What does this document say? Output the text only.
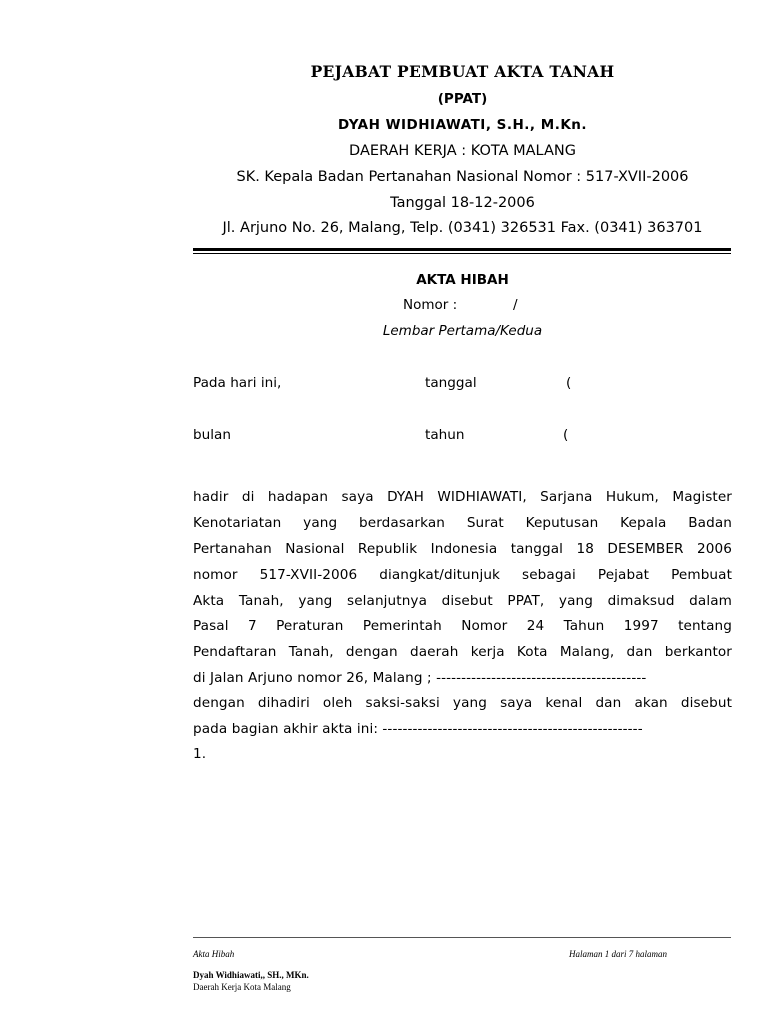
PEJABAT PEMBUAT AKTA TANAH
(PPAT)
DYAH WIDHIAWATI, S.H., M.Kn.
DAERAH KERJA : KOTA MALANG
SK. Kepala Badan Pertanahan Nasional Nomor : 517-XVII-2006
Tanggal 18-12-2006
Jl. Arjuno No. 26, Malang, Telp. (0341) 326531 Fax. (0341) 363701
AKTA HIBAH
Nomor :	/
Lembar Pertama/Kedua
Pada hari ini,	tanggal	(
bulan	tahun	(
hadir di hadapan saya DYAH WIDHIAWATI, Sarjana Hukum, Magister
Kenotariatan yang berdasarkan Surat Keputusan Kepala Badan
Pertanahan Nasional Republik Indonesia tanggal 18 DESEMBER 2006
nomor 517-XVII-2006 diangkat/ditunjuk sebagai Pejabat Pembuat
Akta Tanah, yang selanjutnya disebut PPAT, yang dimaksud dalam
Pasal 7 Peraturan Pemerintah Nomor 24 Tahun 1997 tentang
Pendaftaran Tanah, dengan daerah kerja Kota Malang, dan berkantor
di Jalan Arjuno nomor 26, Malang ; ------------------------------------------
dengan dihadiri oleh saksi-saksi yang saya kenal dan akan disebut
pada bagian akhir akta ini: ----------------------------------------------------
1.
Akta Hibah	Halaman 1 dari 7 halaman
Dyah Widhiawati,, SH., MKn.
Daerah Kerja Kota Malang
